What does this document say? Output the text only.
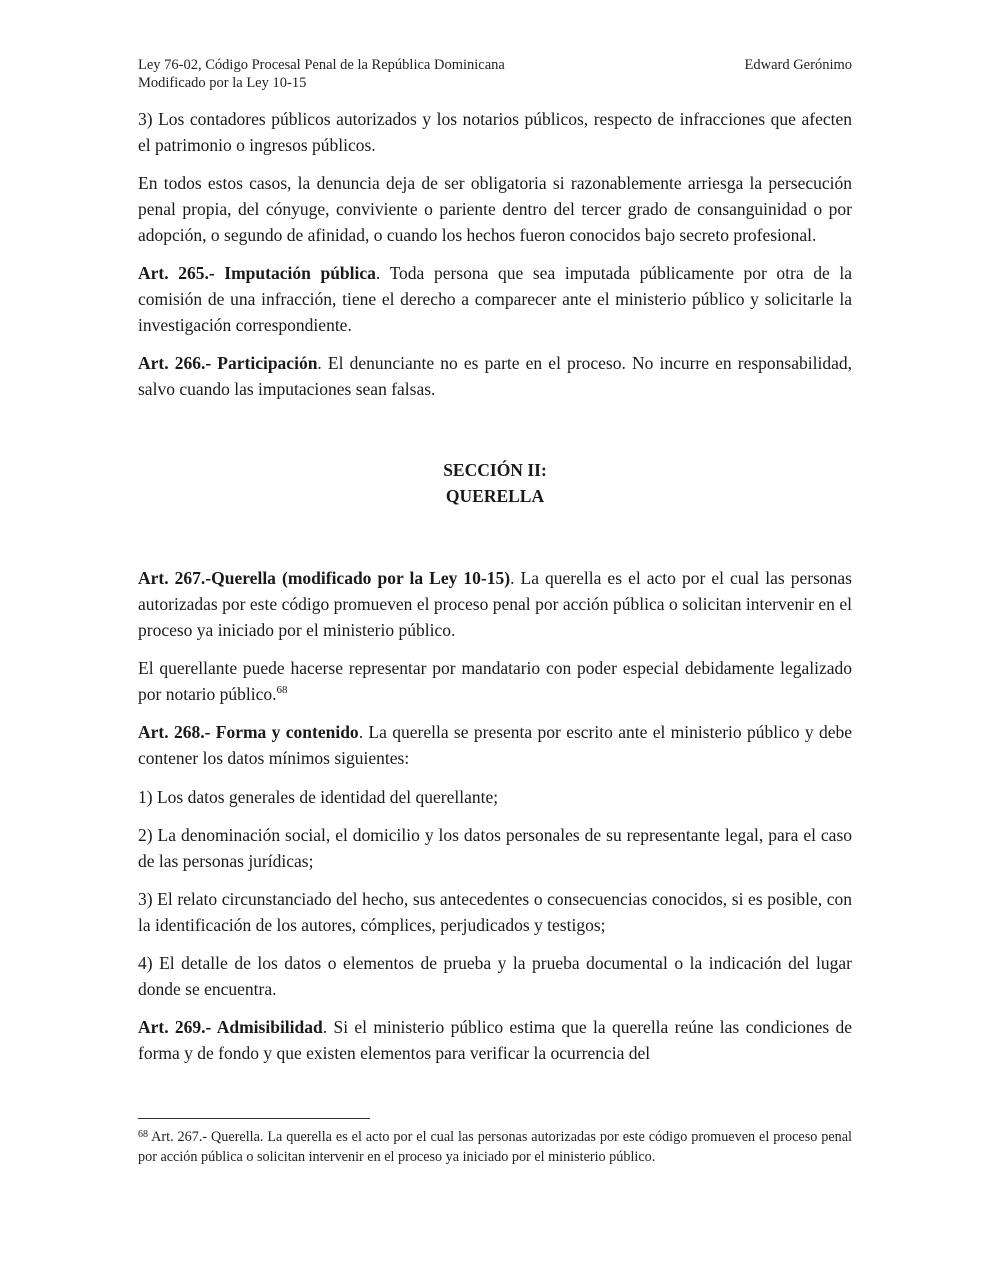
Ley 76-02, Código Procesal Penal de la República Dominicana	Edward Gerónimo
Modificado por la Ley 10-15

3) Los contadores públicos autorizados y los notarios públicos, respecto de infracciones que afecten el patrimonio o ingresos públicos.

En todos estos casos, la denuncia deja de ser obligatoria si razonablemente arriesga la persecución penal propia, del cónyuge, conviviente o pariente dentro del tercer grado de consanguinidad o por adopción, o segundo de afinidad, o cuando los hechos fueron conocidos bajo secreto profesional.

Art. 265.- Imputación pública. Toda persona que sea imputada públicamente por otra de la comisión de una infracción, tiene el derecho a comparecer ante el ministerio público y solicitarle la investigación correspondiente.

Art. 266.- Participación. El denunciante no es parte en el proceso. No incurre en responsabilidad, salvo cuando las imputaciones sean falsas.

SECCIÓN II:
QUERELLA

Art. 267.-Querella (modificado por la Ley 10-15). La querella es el acto por el cual las personas autorizadas por este código promueven el proceso penal por acción pública o solicitan intervenir en el proceso ya iniciado por el ministerio público.

El querellante puede hacerse representar por mandatario con poder especial debidamente legalizado por notario público.$^{68}$

Art. 268.- Forma y contenido. La querella se presenta por escrito ante el ministerio público y debe contener los datos mínimos siguientes:

1) Los datos generales de identidad del querellante;

2) La denominación social, el domicilio y los datos personales de su representante legal, para el caso de las personas jurídicas;

3) El relato circunstanciado del hecho, sus antecedentes o consecuencias conocidos, si es posible, con la identificación de los autores, cómplices, perjudicados y testigos;

4) El detalle de los datos o elementos de prueba y la prueba documental o la indicación del lugar donde se encuentra.

Art. 269.- Admisibilidad. Si el ministerio público estima que la querella reúne las condiciones de forma y de fondo y que existen elementos para verificar la ocurrencia del

$^{68}$ Art. 267.- Querella. La querella es el acto por el cual las personas autorizadas por este código promueven el proceso penal por acción pública o solicitan intervenir en el proceso ya iniciado por el ministerio público.
